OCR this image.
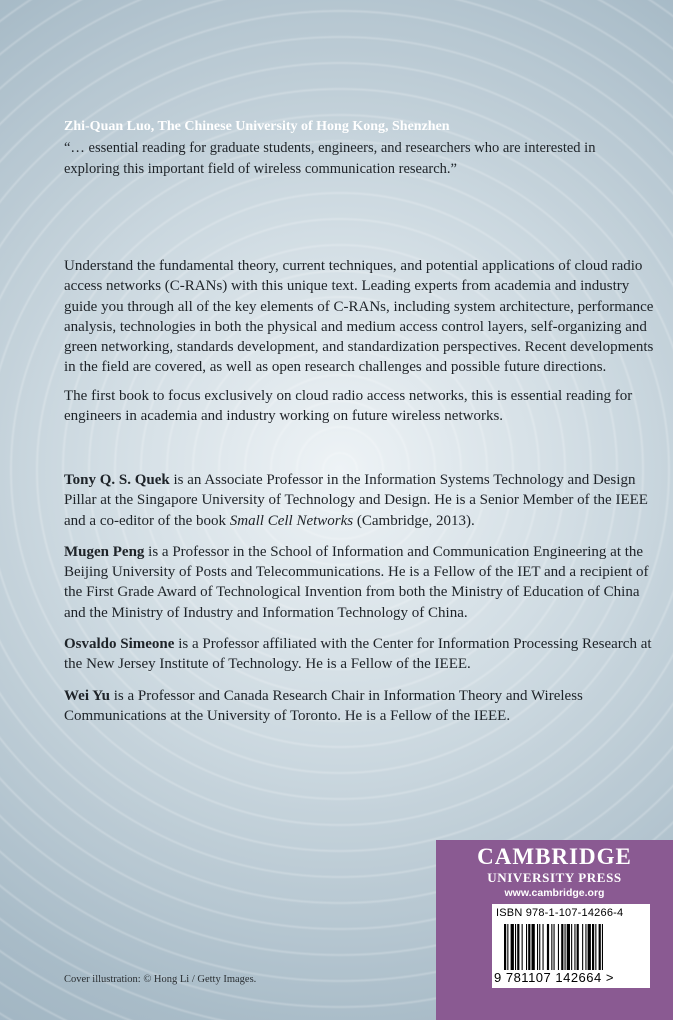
Zhi-Quan Luo, The Chinese University of Hong Kong, Shenzhen
“… essential reading for graduate students, engineers, and researchers who are interested in exploring this important field of wireless communication research.”

Understand the fundamental theory, current techniques, and potential applications of cloud radio access networks (C-RANs) with this unique text. Leading experts from academia and industry guide you through all of the key elements of C-RANs, including system architecture, performance analysis, technologies in both the physical and medium access control layers, self-organizing and green networking, standards development, and standardization perspectives. Recent developments in the field are covered, as well as open research challenges and possible future directions.

The first book to focus exclusively on cloud radio access networks, this is essential reading for engineers in academia and industry working on future wireless networks.

Tony Q. S. Quek is an Associate Professor in the Information Systems Technology and Design Pillar at the Singapore University of Technology and Design. He is a Senior Member of the IEEE and a co-editor of the book Small Cell Networks (Cambridge, 2013).

Mugen Peng is a Professor in the School of Information and Communication Engineering at the Beijing University of Posts and Telecommunications. He is a Fellow of the IET and a recipient of the First Grade Award of Technological Invention from both the Ministry of Education of China and the Ministry of Industry and Information Technology of China.

Osvaldo Simeone is a Professor affiliated with the Center for Information Processing Research at the New Jersey Institute of Technology. He is a Fellow of the IEEE.

Wei Yu is a Professor and Canada Research Chair in Information Theory and Wireless Communications at the University of Toronto. He is a Fellow of the IEEE.

Cover illustration: © Hong Li / Getty Images.
CAMBRIDGE
UNIVERSITY PRESS
www.cambridge.org
ISBN 978-1-107-14266-4
9 781107 142664 >
